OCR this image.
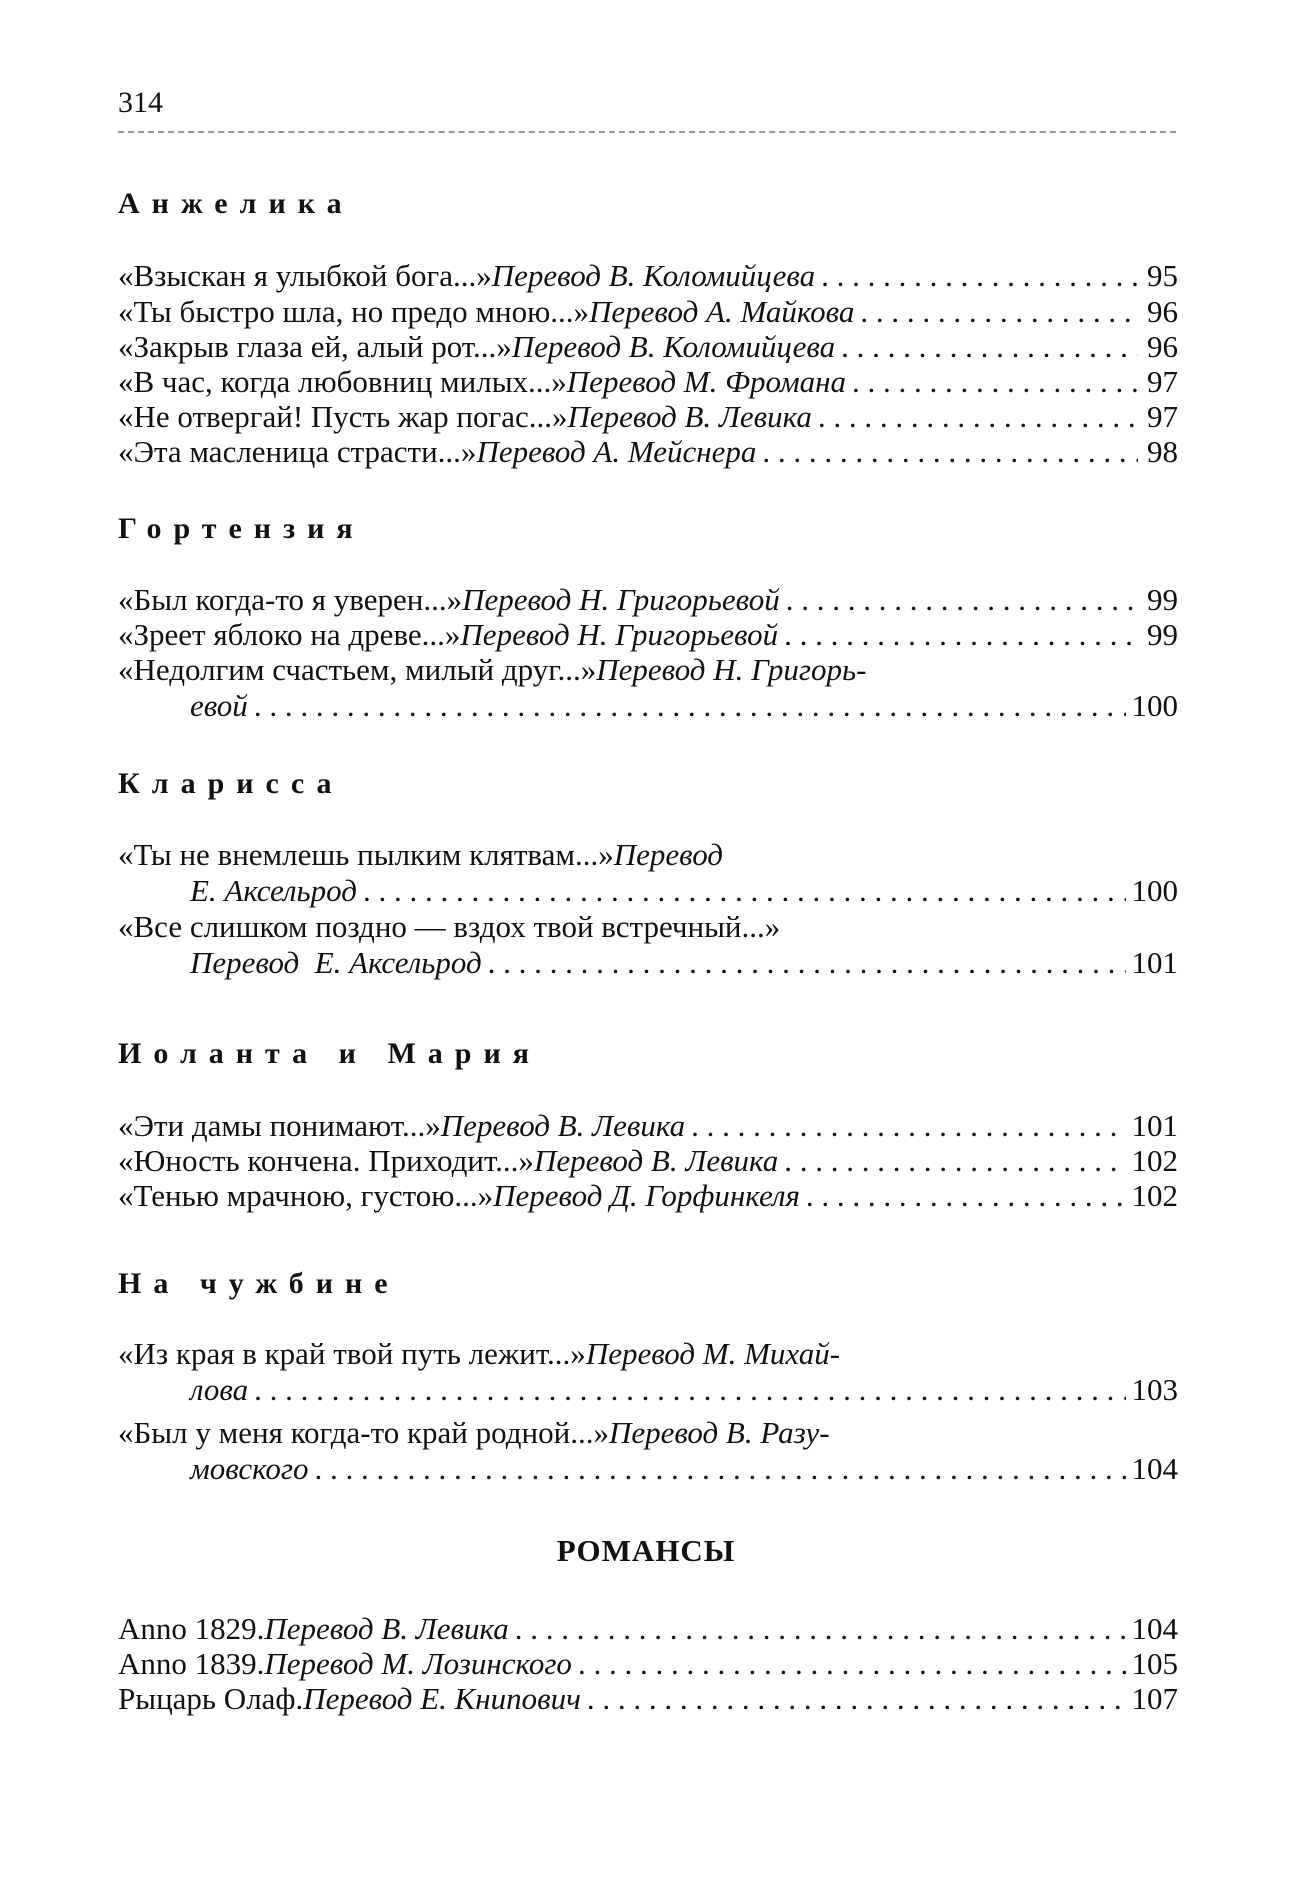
314
Анжелика
«Взыскан я улыбкой бога...» Перевод В. Коломийцева . . .	95
«Ты быстро шла, но предо мною...» Перевод А. Майкова . . .	96
«Закрыв глаза ей, алый рот...» Перевод В. Коломийцева . . .	96
«В час, когда любовниц милых...» Перевод М. Фромана . . .	97
«Не отвергай! Пусть жар погас...» Перевод В. Левика . . .	97
«Эта масленица страсти...» Перевод А. Мейснера . . .	98
Гортензия
«Был когда-то я уверен...» Перевод Н. Григорьевой . . .	99
«Зреет яблоко на древе...» Перевод Н. Григорьевой . . .	99
«Недолгим счастьем, милый друг...» Перевод Н. Григорь-
евой . . .	100
Кларисса
«Ты не внемлешь пылким клятвам...» Перевод
Е. Аксельрод . . .	100
«Все слишком поздно — вздох твой встречный...»
Перевод  Е. Аксельрод . . .	101
Иоланта и Мария
«Эти дамы понимают...» Перевод В. Левика . . .	101
«Юность кончена. Приходит...» Перевод В. Левика . . .	102
«Тенью мрачною, густою...» Перевод Д. Горфинкеля . . .	102
На чужбине
«Из края в край твой путь лежит...» Перевод М. Михай-
лова . . .	103
«Был у меня когда-то край родной...» Перевод В. Разу-
мовского . . .	104
РОМАНСЫ
Anno 1829. Перевод В. Левика . . .	104
Anno 1839. Перевод М. Лозинского . . .	105
Рыцарь Олаф. Перевод Е. Книпович . . .	107
